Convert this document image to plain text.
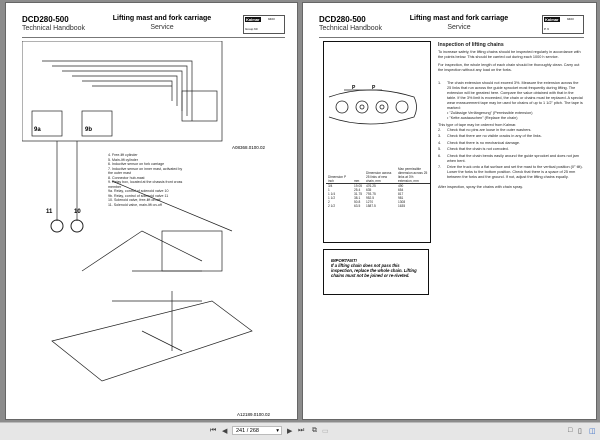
DCD280-500
Technical Handbook
Lifting mast and fork carriage
Service
Kalmar	9403
Group 60
9a	9b
10
11
A08368.0100.02
A12189.0100.02
4. Free-lift cylinder
5. Main-lift cylinder
6. Inductive sensor on fork carriage
7. Inductive sensor on inner mast, activated by the outer mast
8. Connector hub-mast
9. Relay box, located at the chassis front cross member
9a. Relay, control of solenoid valve 10
9b. Relay, control of solenoid valve 11
10. Solenoid valve, free-lift on-off
11. Solenoid valve, main-lift on-off
DCD280-500
Technical Handbook
Lifting mast and fork carriage
Service
Kalmar	9403
P. 6
P	P
Dimension P inch	mm	Dimension across 25 links of new chain, mm	Max permissible dimension across 25 links at 3% extension, mm
3/4	19.05	476.25	490
1	25.4	635	654
1 1/4	31.75	793.75	817
1 1/2	38.1	952.5	981
2	50.8	1270	1308
2 1/2	63.5	1587.5	1635
IMPORTANT!
If a lifting chain does not pass this inspection, replace the whole chain. Lifting chains must not be joined or re-riveted.
Inspection of lifting chains

To increase safety, the lifting chains should be inspected regularly in accordance with the points below. This should be carried out during each 1000 h service.

For inspection, the whole length of each chain should be thoroughly clean. Carry out the inspection without any load on the forks.

1.	The chain extension should not exceed 3%. Measure the extension across the 25 links that run across the guide sprocket most frequently during lifting. The extension will be greatest here. Compare the value obtained with that in the table. If the 3% limit is exceeded, the chain or chains must be replaced. A special wear measurement tape may be used for chains of up to 1 1/2" pitch. The tape is marked:
• "Zulässige Verlängerung" (Permissible extension)
• "Kette austauschen" (Replace the chain)
This type of tape may be ordered from Kalmar.
2.	Check that no pins are loose in the outer washers.
3.	Check that there are no visible cracks in any of the links.
4.	Check that there is no mechanical damage.
5.	Check that the chain is not corroded.
6.	Check that the chain bends easily around the guide sprocket and does not jam when bent.
7.	Drive the truck onto a flat surface and set the mast to the vertical position (0° tilt). Lower the forks to the bottom position. Check that there is a space of 25 mm between the forks and the ground. If not, adjust the lifting chains equally.

After inspection, spray the chains with chain spray.

⏮ ◀	241 / 268	▾ ▶ ⏭ ⧉ ▭	□ ▯ ◫
